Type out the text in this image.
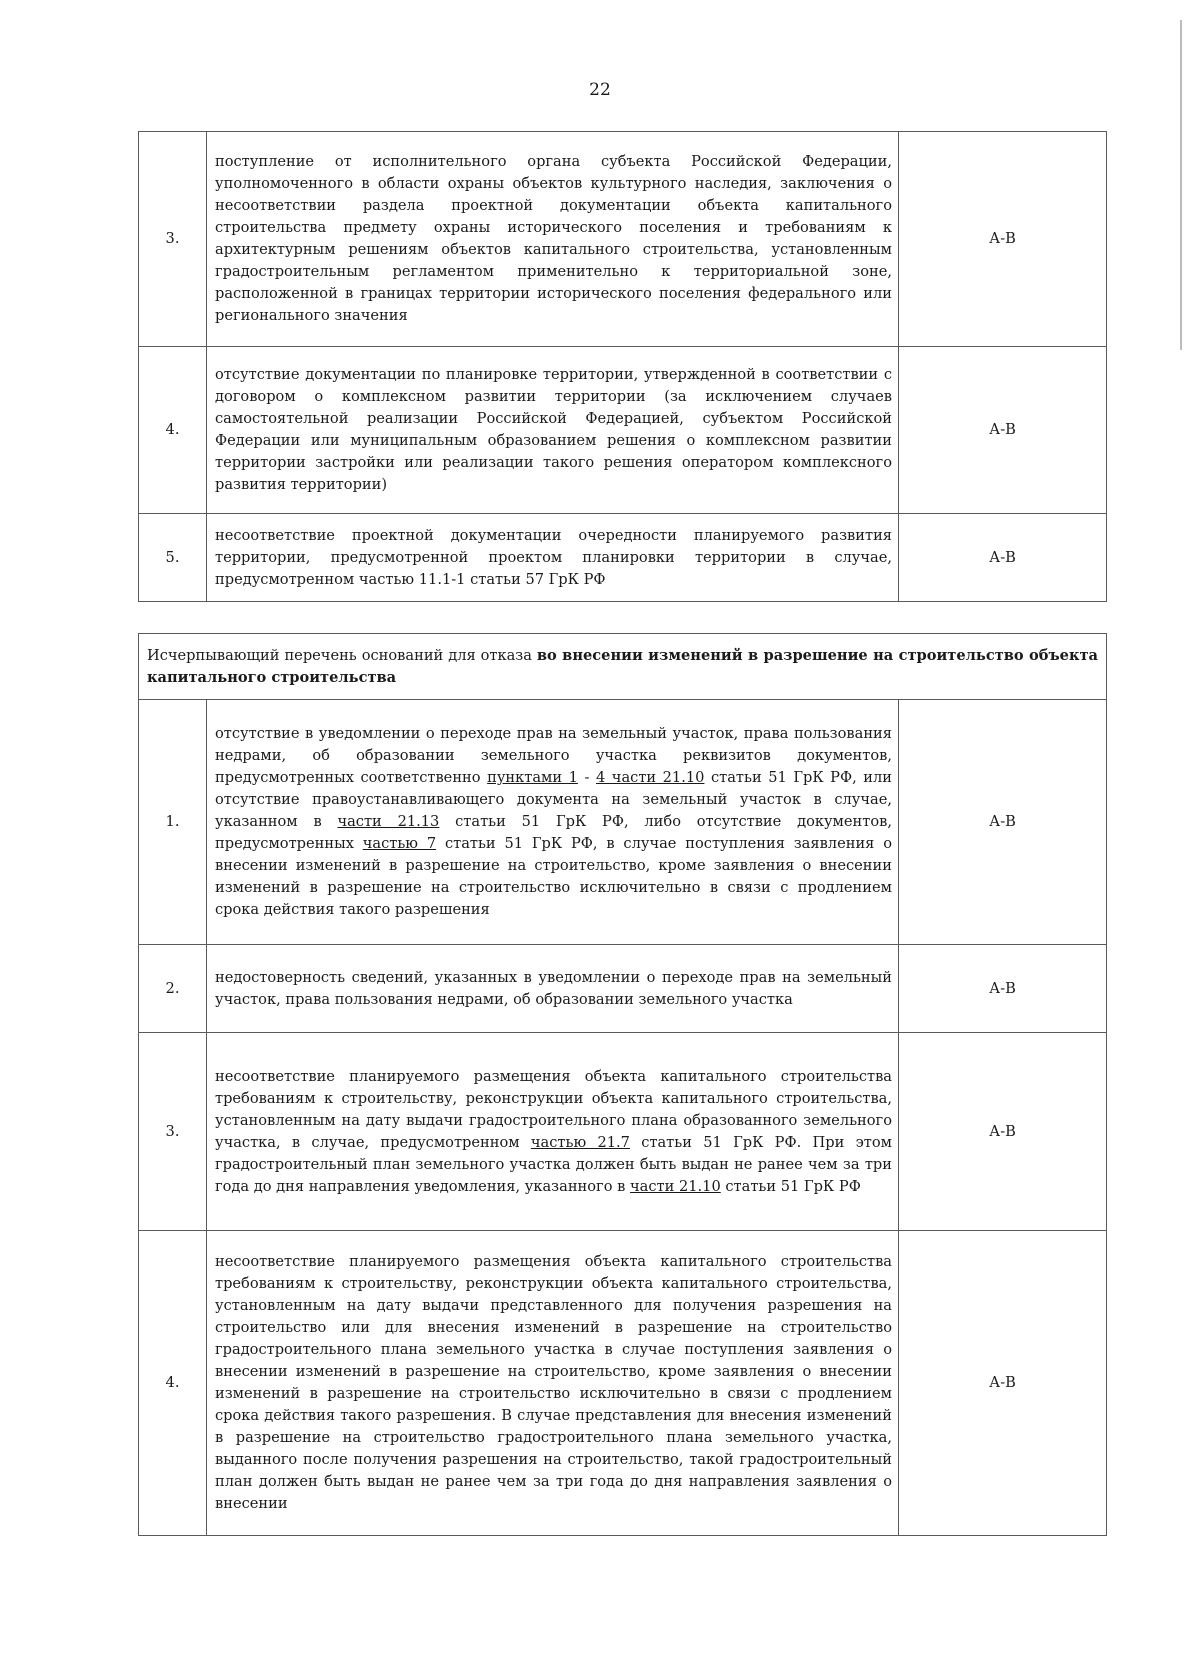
22
3.	поступление от исполнительного органа субъекта Российской Федерации, уполномоченного в области охраны объектов культурного наследия, заключения о несоответствии раздела проектной документации объекта капитального строительства предмету охраны исторического поселения и требованиям к архитектурным решениям объектов капитального строительства, установленным градостроительным регламентом применительно к территориальной зоне, расположенной в границах территории исторического поселения федерального или регионального значения	А-В
4.	отсутствие документации по планировке территории, утвержденной в соответствии с договором о комплексном развитии территории (за исключением случаев самостоятельной реализации Российской Федерацией, субъектом Российской Федерации или муниципальным образованием решения о комплексном развитии территории застройки или реализации такого решения оператором комплексного развития территории)	А-В
5.	несоответствие проектной документации очередности планируемого развития территории, предусмотренной проектом планировки территории в случае, предусмотренном частью 11.1-1 статьи 57 ГрК РФ	А-В
Исчерпывающий перечень оснований для отказа во внесении изменений в разрешение на строительство объекта капитального строительства		
1.	отсутствие в уведомлении о переходе прав на земельный участок, права пользования недрами, об образовании земельного участка реквизитов документов, предусмотренных соответственно пунктами 1 - 4 части 21.10 статьи 51 ГрК РФ, или отсутствие правоустанавливающего документа на земельный участок в случае, указанном в части 21.13 статьи 51 ГрК РФ, либо отсутствие документов, предусмотренных частью 7 статьи 51 ГрК РФ, в случае поступления заявления о внесении изменений в разрешение на строительство, кроме заявления о внесении изменений в разрешение на строительство исключительно в связи с продлением срока действия такого разрешения	А-В
2.	недостоверность сведений, указанных в уведомлении о переходе прав на земельный участок, права пользования недрами, об образовании земельного участка	А-В
3.	несоответствие планируемого размещения объекта капитального строительства требованиям к строительству, реконструкции объекта капитального строительства, установленным на дату выдачи градостроительного плана образованного земельного участка, в случае, предусмотренном частью 21.7 статьи 51 ГрК РФ. При этом градостроительный план земельного участка должен быть выдан не ранее чем за три года до дня направления уведомления, указанного в части 21.10 статьи 51 ГрК РФ	А-В
4.	несоответствие планируемого размещения объекта капитального строительства требованиям к строительству, реконструкции объекта капитального строительства, установленным на дату выдачи представленного для получения разрешения на строительство или для внесения изменений в разрешение на строительство градостроительного плана земельного участка в случае поступления заявления о внесении изменений в разрешение на строительство, кроме заявления о внесении изменений в разрешение на строительство исключительно в связи с продлением срока действия такого разрешения. В случае представления для внесения изменений в разрешение на строительство градостроительного плана земельного участка, выданного после получения разрешения на строительство, такой градостроительный план должен быть выдан не ранее чем за три года до дня направления заявления о внесении	А-В
